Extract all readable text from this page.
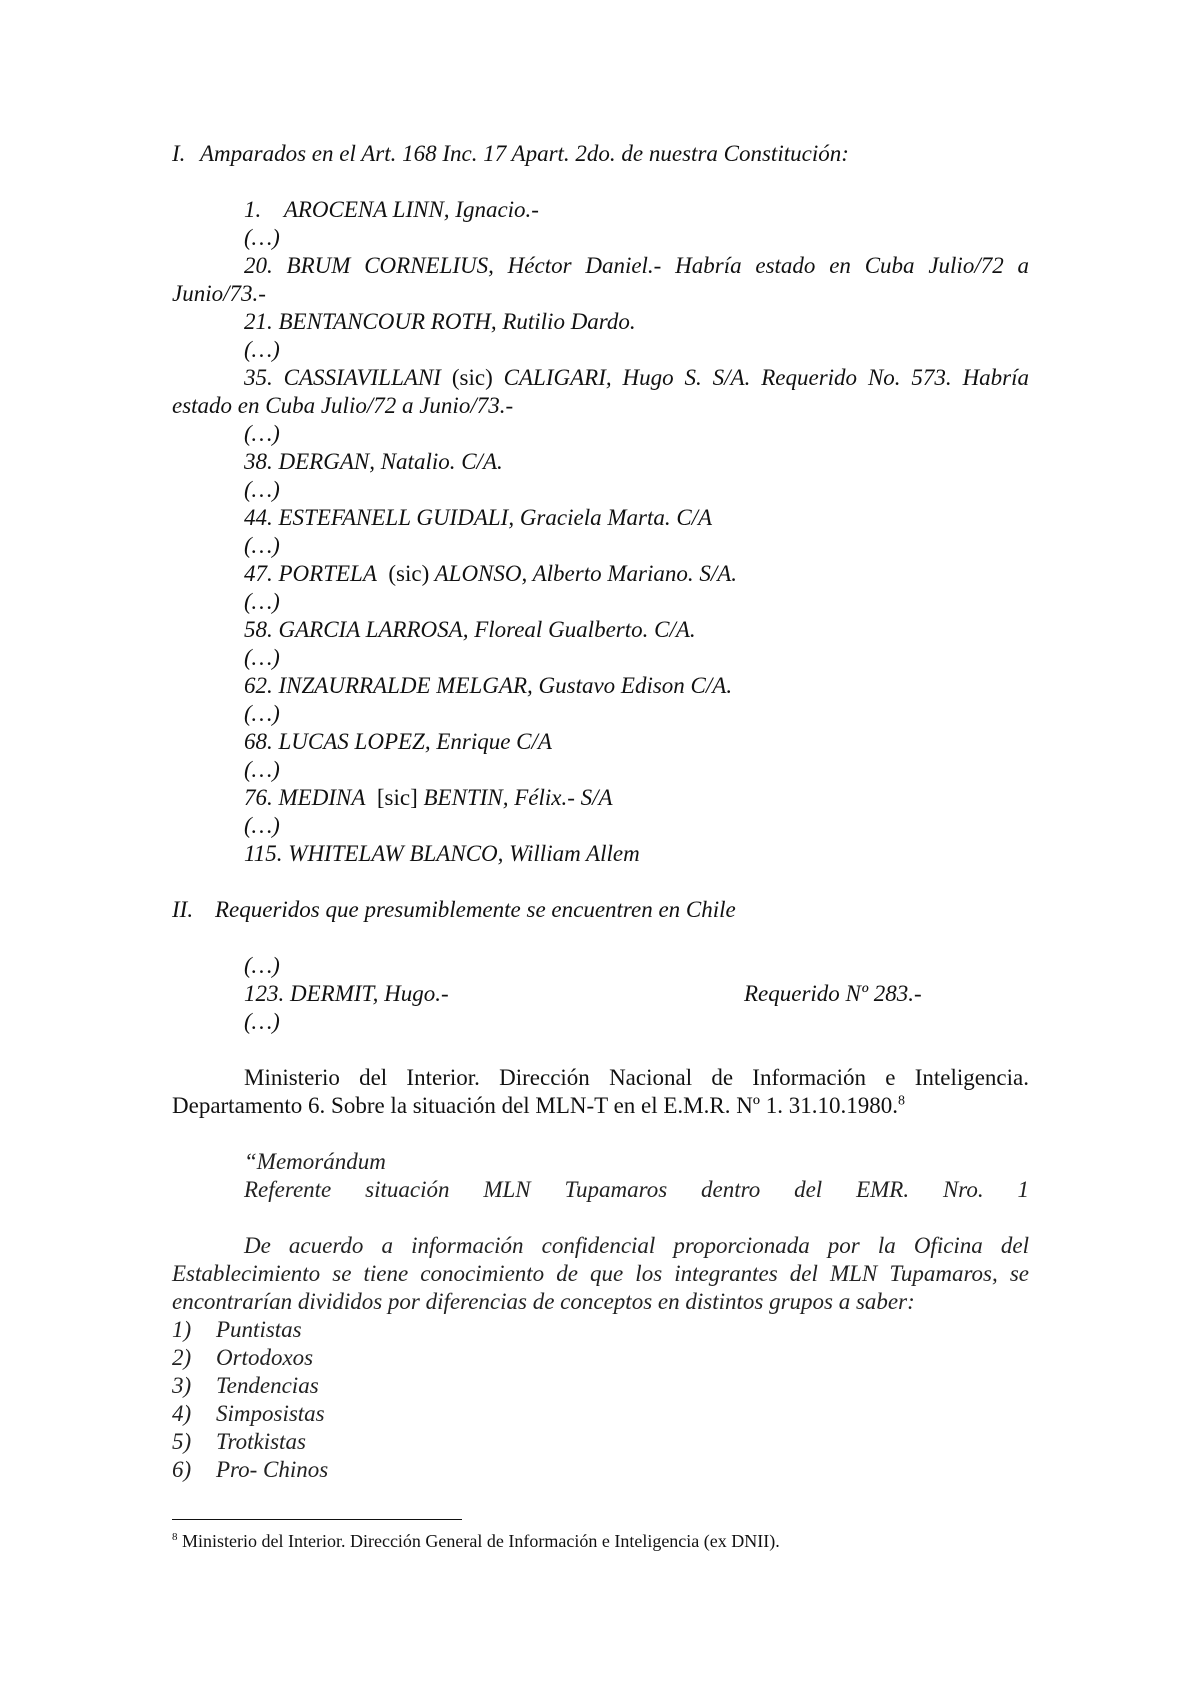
I. Amparados en el Art. 168 Inc. 17 Apart. 2do. de nuestra Constitución:

1.    AROCENA LINN, Ignacio.-

(…)

20. BRUM CORNELIUS, Héctor Daniel.- Habría estado en Cuba Julio/72 a Junio/73.-

21. BENTANCOUR ROTH, Rutilio Dardo.

(…)

35. CASSIAVILLANI (sic) CALIGARI, Hugo S. S/A. Requerido No. 573. Habría estado en Cuba Julio/72 a Junio/73.-

(…)

38. DERGAN, Natalio. C/A.

(…)

44. ESTEFANELL GUIDALI, Graciela Marta. C/A

(…)

47. PORTELA (sic) ALONSO, Alberto Mariano. S/A.

(…)

58. GARCIA LARROSA, Floreal Gualberto. C/A.

(…)

62. INZAURRALDE MELGAR, Gustavo Edison C/A.

(…)

68. LUCAS LOPEZ, Enrique C/A

(…)

76. MEDINA [sic] BENTIN, Félix.- S/A

(…)

115. WHITELAW BLANCO, William Allem

II. Requeridos que presumiblemente se encuentren en Chile

(…)

123. DERMIT, Hugo.-	Requerido Nº 283.-

(…)

Ministerio del Interior. Dirección Nacional de Información e Inteligencia. Departamento 6. Sobre la situación del MLN-T en el E.M.R. Nº 1. 31.10.1980.$^8$

“Memorándum

Referente situación MLN Tupamaros dentro del EMR. Nro. 1

De acuerdo a información confidencial proporcionada por la Oficina del Establecimiento se tiene conocimiento de que los integrantes del MLN Tupamaros, se encontrarían divididos por diferencias de conceptos en distintos grupos a saber:

1)	Puntistas
2)	Ortodoxos
3)	Tendencias
4)	Simposistas
5)	Trotkistas
6)	Pro- Chinos

$^8$ Ministerio del Interior. Dirección General de Información e Inteligencia (ex DNII).
